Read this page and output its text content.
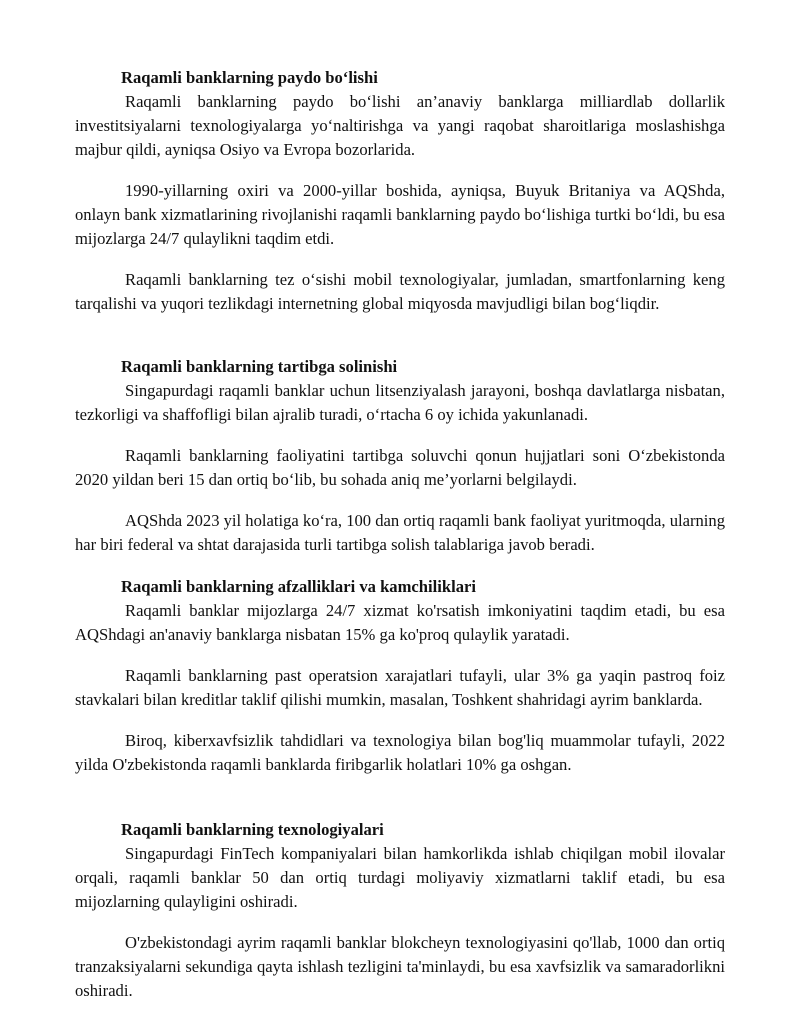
Raqamli banklarning paydo bo‘lishi

Raqamli banklarning paydo bo‘lishi an’anaviy banklarga milliardlab dollarlik investitsiyalarni texnologiyalarga yo‘naltirishga va yangi raqobat sharoitlariga moslashishga majbur qildi, ayniqsa Osiyo va Evropa bozorlarida.

1990-yillarning oxiri va 2000-yillar boshida, ayniqsa, Buyuk Britaniya va AQShda, onlayn bank xizmatlarining rivojlanishi raqamli banklarning paydo bo‘lishiga turtki bo‘ldi, bu esa mijozlarga 24/7 qulaylikni taqdim etdi.

Raqamli banklarning tez o‘sishi mobil texnologiyalar, jumladan, smartfonlarning keng tarqalishi va yuqori tezlikdagi internetning global miqyosda mavjudligi bilan bog‘liqdir.

Raqamli banklarning tartibga solinishi

Singapurdagi raqamli banklar uchun litsenziyalash jarayoni, boshqa davlatlarga nisbatan, tezkorligi va shaffofligi bilan ajralib turadi, o‘rtacha 6 oy ichida yakunlanadi.

Raqamli banklarning faoliyatini tartibga soluvchi qonun hujjatlari soni O‘zbekistonda 2020 yildan beri 15 dan ortiq bo‘lib, bu sohada aniq me’yorlarni belgilaydi.

AQShda 2023 yil holatiga ko‘ra, 100 dan ortiq raqamli bank faoliyat yuritmoqda, ularning har biri federal va shtat darajasida turli tartibga solish talablariga javob beradi.

Raqamli banklarning afzalliklari va kamchiliklari

Raqamli banklar mijozlarga 24/7 xizmat ko'rsatish imkoniyatini taqdim etadi, bu esa AQShdagi an'anaviy banklarga nisbatan 15% ga ko'proq qulaylik yaratadi.

Raqamli banklarning past operatsion xarajatlari tufayli, ular 3% ga yaqin pastroq foiz stavkalari bilan kreditlar taklif qilishi mumkin, masalan, Toshkent shahridagi ayrim banklarda.

Biroq, kiberxavfsizlik tahdidlari va texnologiya bilan bog'liq muammolar tufayli, 2022 yilda O'zbekistonda raqamli banklarda firibgarlik holatlari 10% ga oshgan.

Raqamli banklarning texnologiyalari

Singapurdagi FinTech kompaniyalari bilan hamkorlikda ishlab chiqilgan mobil ilovalar orqali, raqamli banklar 50 dan ortiq turdagi moliyaviy xizmatlarni taklif etadi, bu esa mijozlarning qulayligini oshiradi.

O'zbekistondagi ayrim raqamli banklar blokcheyn texnologiyasini qo'llab, 1000 dan ortiq tranzaksiyalarni sekundiga qayta ishlash tezligini ta'minlaydi, bu esa xavfsizlik va samaradorlikni oshiradi.
